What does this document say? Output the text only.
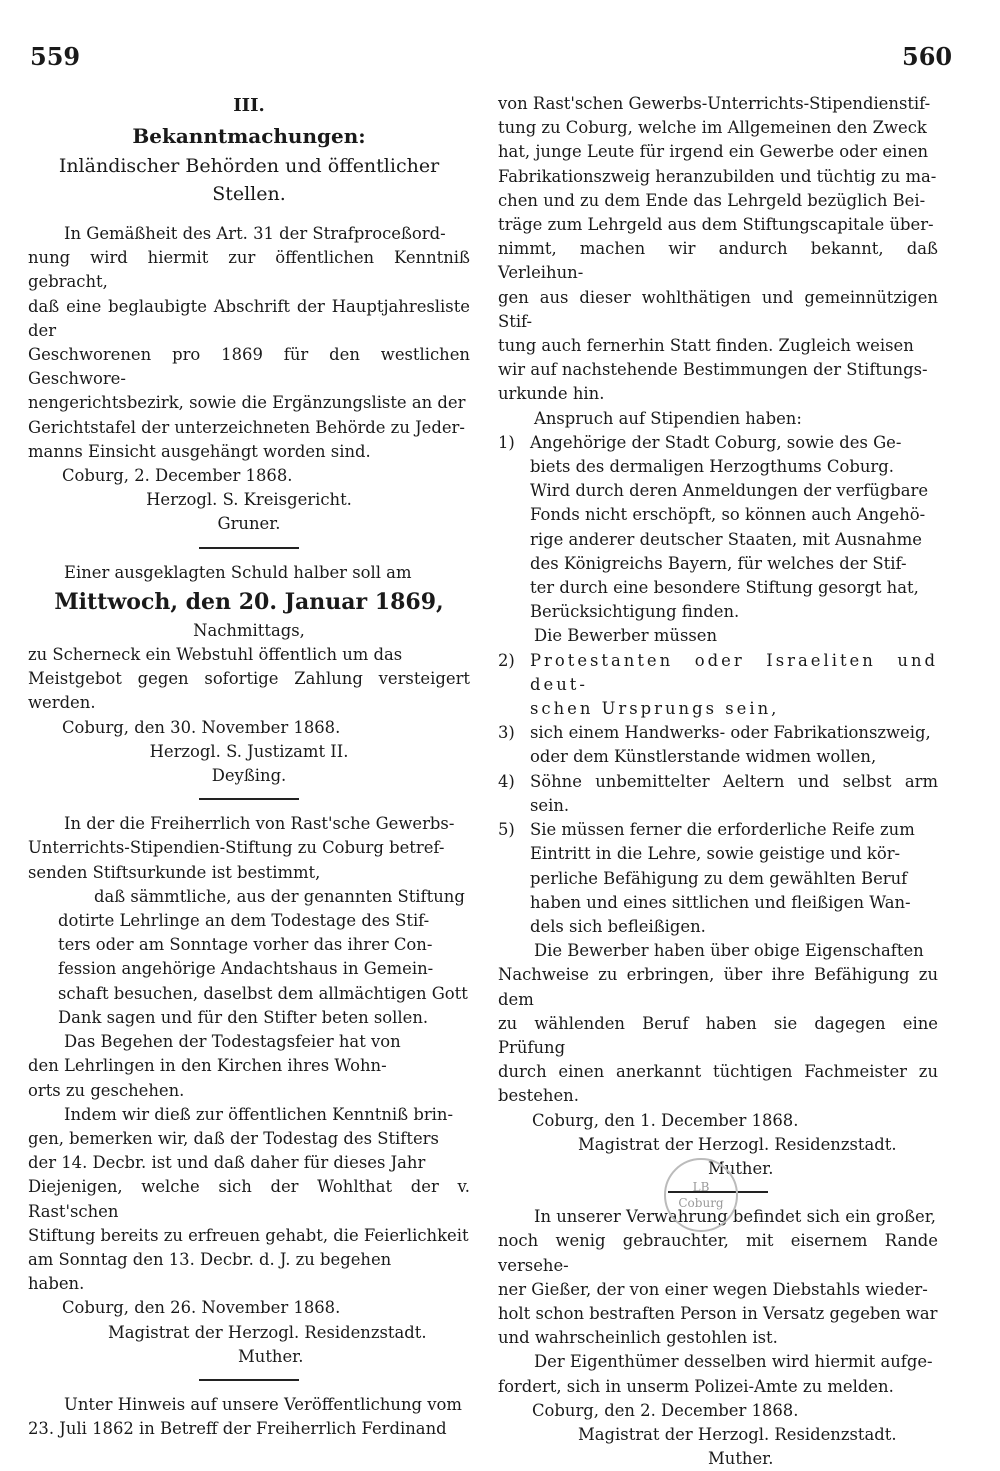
559	560
III.
Bekanntmachungen:
Inländischer Behörden und öffentlicher Stellen.
In Gemäßheit des Art. 31 der Strafproceßord-
nung wird hiermit zur öffentlichen Kenntniß gebracht,
daß eine beglaubigte Abschrift der Hauptjahresliste der
Geschworenen pro 1869 für den westlichen Geschwore-
nengerichtsbezirk, sowie die Ergänzungsliste an der
Gerichtstafel der unterzeichneten Behörde zu Jeder-
manns Einsicht ausgehängt worden sind.
Coburg, 2. December 1868.
Herzogl. S. Kreisgericht.
Gruner.
Einer ausgeklagten Schuld halber soll am
Mittwoch, den 20. Januar 1869,
Nachmittags,
zu Scherneck ein Webstuhl öffentlich um das
Meistgebot gegen sofortige Zahlung versteigert werden.
Coburg, den 30. November 1868.
Herzogl. S. Justizamt II.
Deyßing.
In der die Freiherrlich von Rast'sche Gewerbs-
Unterrichts-Stipendien-Stiftung zu Coburg betref-
senden Stiftsurkunde ist bestimmt,
daß sämmtliche, aus der genannten Stiftung
dotirte Lehrlinge an dem Todestage des Stif-
ters oder am Sonntage vorher das ihrer Con-
fession angehörige Andachtshaus in Gemein-
schaft besuchen, daselbst dem allmächtigen Gott
Dank sagen und für den Stifter beten sollen.
Das Begehen der Todestagsfeier hat von
den Lehrlingen in den Kirchen ihres Wohn-
orts zu geschehen.
Indem wir dieß zur öffentlichen Kenntniß brin-
gen, bemerken wir, daß der Todestag des Stifters
der 14. Decbr. ist und daß daher für dieses Jahr
Diejenigen, welche sich der Wohlthat der v. Rast'schen
Stiftung bereits zu erfreuen gehabt, die Feierlichkeit
am Sonntag den 13. Decbr. d. J. zu begehen
haben.
Coburg, den 26. November 1868.
Magistrat der Herzogl. Residenzstadt.
Muther.
Unter Hinweis auf unsere Veröffentlichung vom
23. Juli 1862 in Betreff der Freiherrlich Ferdinand
von Rast'schen Gewerbs-Unterrichts-Stipendienstif-
tung zu Coburg, welche im Allgemeinen den Zweck
hat, junge Leute für irgend ein Gewerbe oder einen
Fabrikationszweig heranzubilden und tüchtig zu ma-
chen und zu dem Ende das Lehrgeld bezüglich Bei-
träge zum Lehrgeld aus dem Stiftungscapitale über-
nimmt, machen wir andurch bekannt, daß Verleihun-
gen aus dieser wohlthätigen und gemeinnützigen Stif-
tung auch fernerhin Statt finden. Zugleich weisen
wir auf nachstehende Bestimmungen der Stiftungs-
urkunde hin.
Anspruch auf Stipendien haben:
1) Angehörige der Stadt Coburg, sowie des Ge-
biets des dermaligen Herzogthums Coburg.
Wird durch deren Anmeldungen der verfügbare
Fonds nicht erschöpft, so können auch Angehö-
rige anderer deutscher Staaten, mit Ausnahme
des Königreichs Bayern, für welches der Stif-
ter durch eine besondere Stiftung gesorgt hat,
Berücksichtigung finden.
Die Bewerber müssen
2) Protestanten oder Israeliten und deut-
schen Ursprungs sein,
3) sich einem Handwerks- oder Fabrikationszweig,
oder dem Künstlerstande widmen wollen,
4) Söhne unbemittelter Aeltern und selbst arm sein.
5) Sie müssen ferner die erforderliche Reife zum
Eintritt in die Lehre, sowie geistige und kör-
perliche Befähigung zu dem gewählten Beruf
haben und eines sittlichen und fleißigen Wan-
dels sich befleißigen.
Die Bewerber haben über obige Eigenschaften
Nachweise zu erbringen, über ihre Befähigung zu dem
zu wählenden Beruf haben sie dagegen eine Prüfung
durch einen anerkannt tüchtigen Fachmeister zu bestehen.
Coburg, den 1. December 1868.
Magistrat der Herzogl. Residenzstadt.
Muther.
In unserer Verwahrung befindet sich ein großer,
noch wenig gebrauchter, mit eisernem Rande versehe-
ner Gießer, der von einer wegen Diebstahls wieder-
holt schon bestraften Person in Versatz gegeben war
und wahrscheinlich gestohlen ist.
Der Eigenthümer desselben wird hiermit aufge-
fordert, sich in unserm Polizei-Amte zu melden.
Coburg, den 2. December 1868.
Magistrat der Herzogl. Residenzstadt.
Muther.
LB
Coburg
